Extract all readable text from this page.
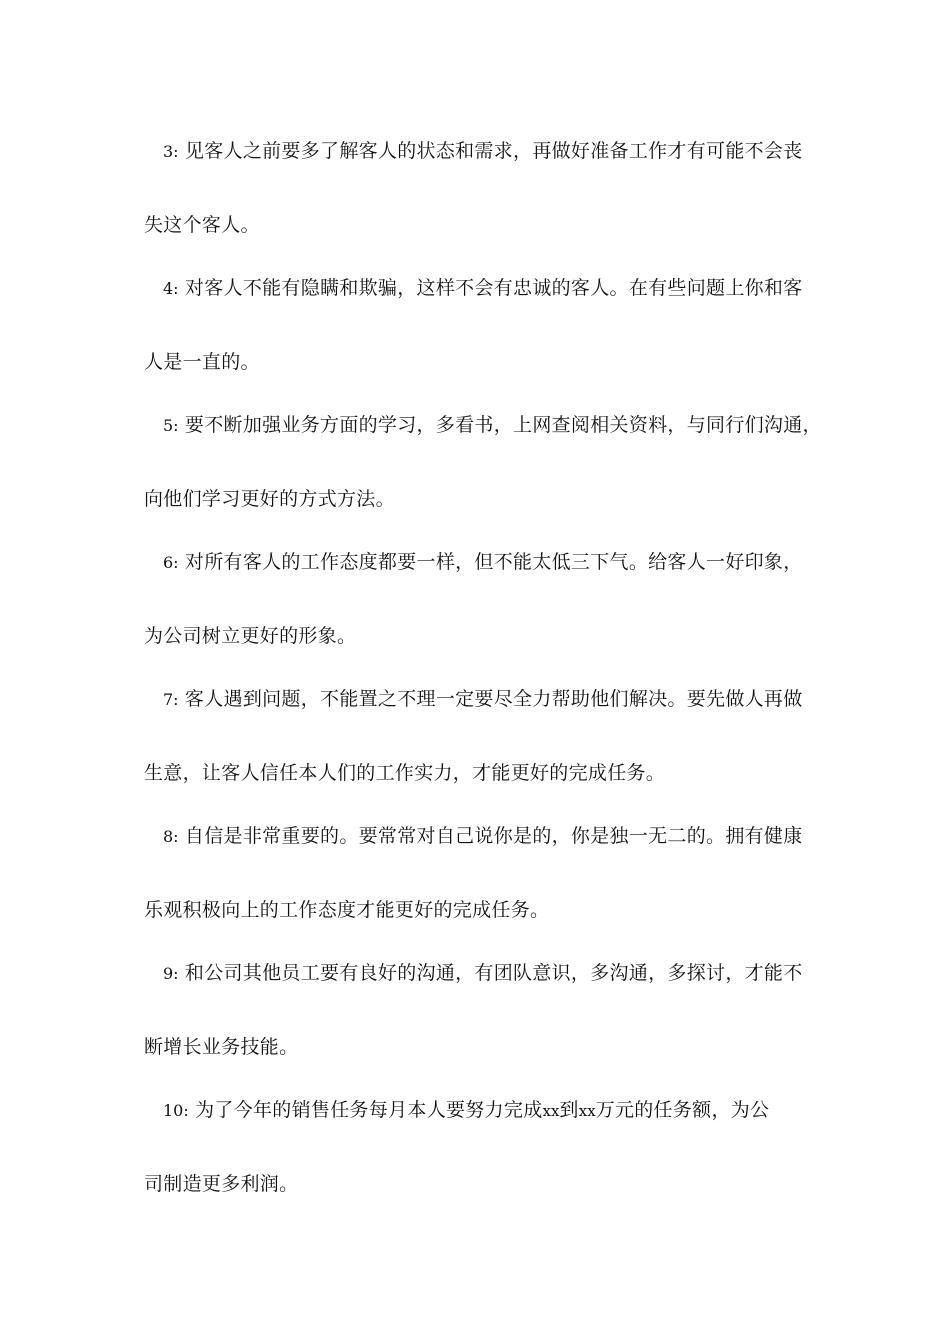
3: 见客人之前要多了解客人的状态和需求，再做好准备工作才有可能不会丧
失这个客人。
4: 对客人不能有隐瞒和欺骗，这样不会有忠诚的客人。在有些问题上你和客
人是一直的。
5: 要不断加强业务方面的学习，多看书，上网查阅相关资料，与同行们沟通，
向他们学习更好的方式方法。
6: 对所有客人的工作态度都要一样，但不能太低三下气。给客人一好印象，
为公司树立更好的形象。
7: 客人遇到问题，不能置之不理一定要尽全力帮助他们解决。要先做人再做
生意，让客人信任本人们的工作实力，才能更好的完成任务。
8: 自信是非常重要的。要常常对自己说你是的，你是独一无二的。拥有健康
乐观积极向上的工作态度才能更好的完成任务。
9: 和公司其他员工要有良好的沟通，有团队意识，多沟通，多探讨，才能不
断增长业务技能。
10: 为了今年的销售任务每月本人要努力完成xx到xx万元的任务额，为公
司制造更多利润。
